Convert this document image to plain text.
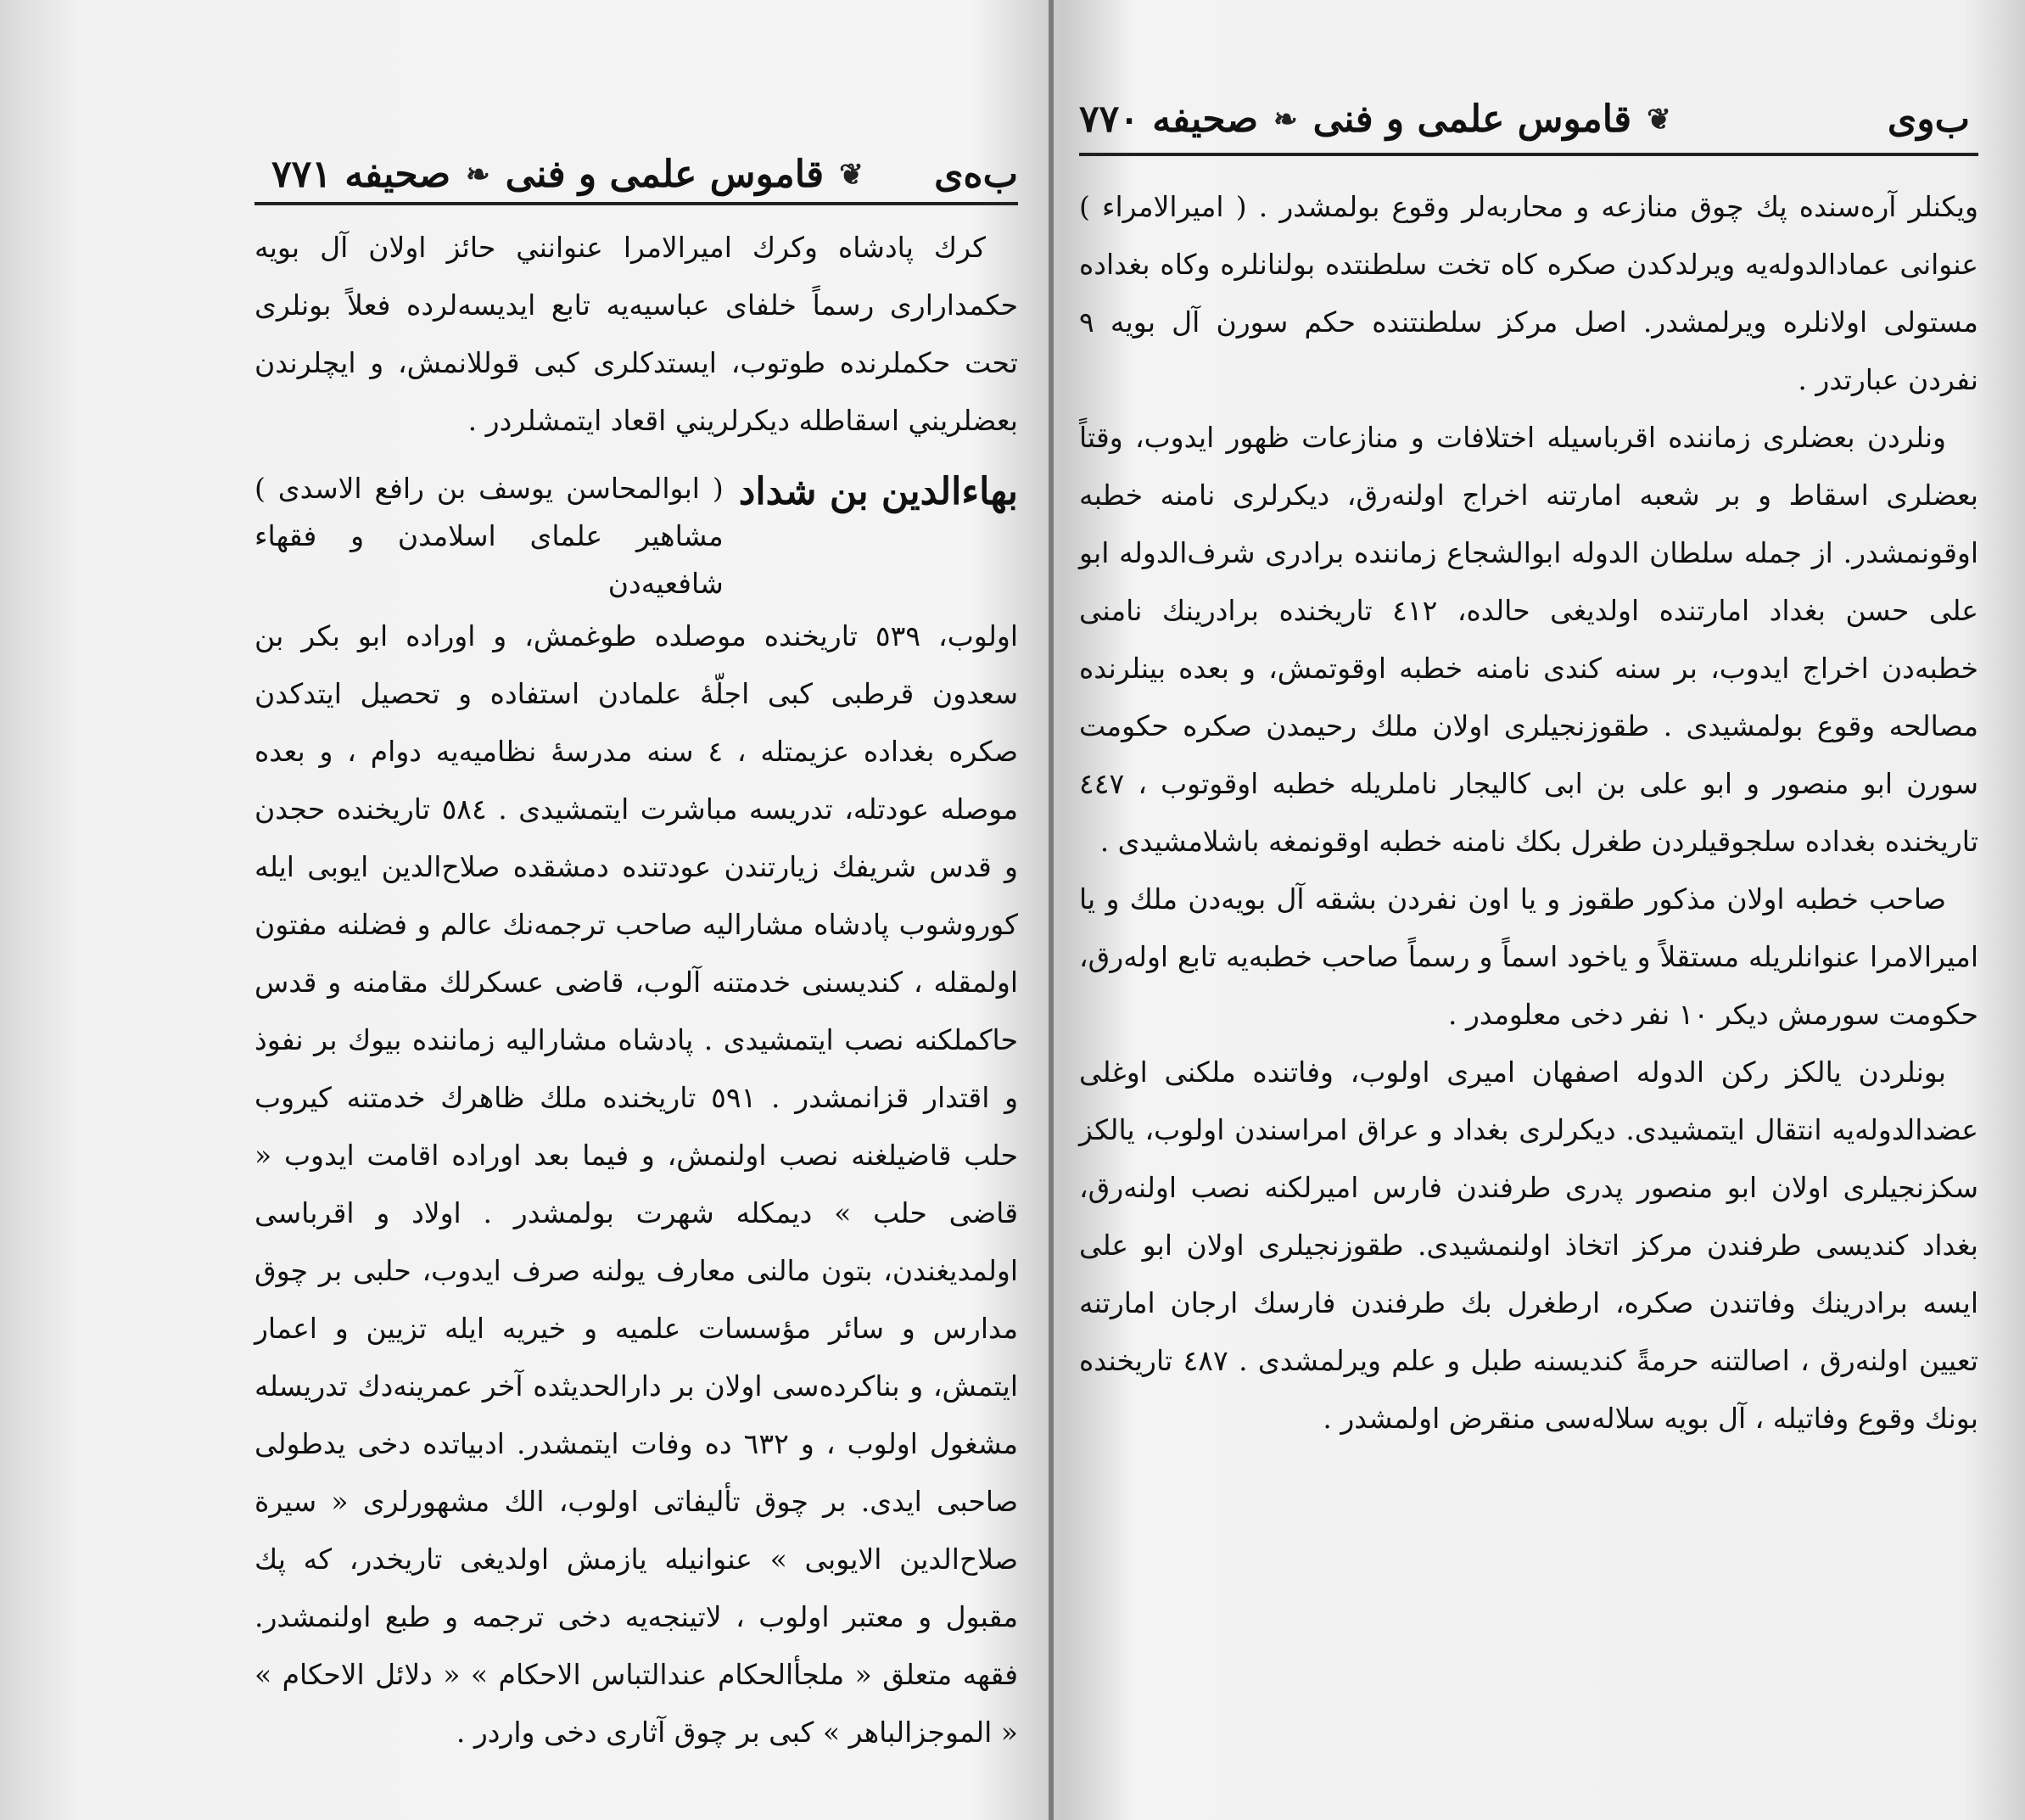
ب‌ه‌ى
❦
قاموس علمى و فنى
❧
صحيفه ٧٧١

كرك پادشاه وكرك اميرالامرا عنوانني حائز اولان آل بويه حكمدارارى رسماً خلفاى عباسيه‌يه تابع ايديسه‌لرده فعلاً بونلرى تحت حكملرنده طوتوب، ايستدكلرى كبى قوللانمش، و ايچلرندن بعضلريني اسقاطله ديكرلريني اقعاد ايتمشلردر .

بهاءالدين بن شداد
( ابوالمحاسن يوسف بن رافع الاسدى ) مشاهير علماى اسلامدن و فقهاء شافعيه‌دن

اولوب، ٥٣٩ تاريخنده موصلده طوغمش، و اوراده ابو بكر بن سعدون قرطبى كبى اجلّهٔ علمادن استفاده و تحصيل ايتدكدن صكره بغداده عزيمتله ، ٤ سنه مدرسهٔ نظاميه‌يه دوام ، و بعده موصله عودتله، تدريسه مباشرت ايتمشيدى . ٥٨٤ تاريخنده حجدن و قدس شريفك زيارتندن عودتنده دمشقده صلاح‌الدين ايوبى ايله كوروشوب پادشاه مشاراليه صاحب ترجمه‌نك عالم و فضلنه مفتون اولمقله ، كنديسنى خدمتنه آلوب، قاضى عسكرلك مقامنه و قدس حاكملكنه نصب ايتمشيدى . پادشاه مشاراليه زماننده بيوك بر نفوذ و اقتدار قزانمشدر . ٥٩١ تاريخنده ملك ظاهرك خدمتنه كيروب حلب قاضيلغنه نصب اولنمش، و فيما بعد اوراده اقامت ايدوب « قاضى حلب » ديمكله شهرت بولمشدر . اولاد و اقرباسى اولمديغندن، بتون مالنى معارف يولنه صرف ايدوب، حلبى بر چوق مدارس و سائر مؤسسات علميه و خيريه ايله تزيين و اعمار ايتمش، و بناكرده‌سى اولان بر دارالحديثده آخر عمرينه‌دك تدريسله مشغول اولوب ، و ٦٣٢ ده وفات ايتمشدر. ادبياتده دخى يدطولى صاحبى ايدى. بر چوق تأليفاتى اولوب، الك مشهورلرى « سيرة صلاح‌الدين الايوبى » عنوانيله يازمش اولديغى تاريخدر، كه پك مقبول و معتبر اولوب ، لاتينجه‌يه دخى ترجمه و طبع اولنمشدر. فقهه متعلق « ملجأالحكام عندالتباس الاحكام » « دلائل الاحكام » « الموجزالباهر » كبى بر چوق آثارى دخى واردر .

ب‌وى
❦
قاموس علمى و فنى
❧
صحيفه ٧٧٠

ويكنلر آره‌سنده پك چوق منازعه و محاربه‌لر وقوع بولمشدر . ( اميرالامراء ) عنوانى عمادالدوله‌يه ويرلدكدن صكره كاه تخت سلطنتده بولنانلره وكاه بغداده مستولى اولانلره ويرلمشدر. اصل مركز سلطنتنده حكم سورن آل بويه ٩ نفردن عبارتدر .

ونلردن بعضلرى زماننده اقرباسيله اختلافات و منازعات ظهور ايدوب، وقتاً بعضلرى اسقاط و بر شعبه امارتنه اخراج اولنه‌رق، ديكرلرى نامنه خطبه اوقونمشدر. از جمله سلطان الدوله ابوالشجاع زماننده برادرى شرف‌الدوله ابو على حسن بغداد امارتنده اولديغى حالده، ٤١٢ تاريخنده برادرينك نامنى خطبه‌دن اخراج ايدوب، بر سنه كندى نامنه خطبه اوقوتمش، و بعده بينلرنده مصالحه وقوع بولمشيدى . طقوزنجيلرى اولان ملك رحيمدن صكره حكومت سورن ابو منصور و ابو على بن ابى كاليجار ناملريله خطبه اوقوتوب ، ٤٤٧ تاريخنده بغداده سلجوقيلردن طغرل بكك نامنه خطبه اوقونمغه باشلامشيدى .

صاحب خطبه اولان مذكور طقوز و يا اون نفردن بشقه آل بويه‌دن ملك و يا اميرالامرا عنوانلريله مستقلاً و ياخود اسماً و رسماً صاحب خطبه‌يه تابع اوله‌رق، حكومت سورمش ديكر ١٠ نفر دخى معلومدر .

بونلردن يالكز ركن الدوله اصفهان اميرى اولوب، وفاتنده ملكنى اوغلى عضدالدوله‌يه انتقال ايتمشيدى. ديكرلرى بغداد و عراق امراسندن اولوب، يالكز سكزنجيلرى اولان ابو منصور پدرى طرفندن فارس اميرلكنه نصب اولنه‌رق، بغداد كنديسى طرفندن مركز اتخاذ اولنمشيدى. طقوزنجيلرى اولان ابو على ايسه برادرينك وفاتندن صكره، ارطغرل بك طرفندن فارسك ارجان امارتنه تعيين اولنه‌رق ، اصالتنه حرمةً كنديسنه طبل و علم ويرلمشدى . ٤٨٧ تاريخنده بونك وقوع وفاتيله ، آل بويه سلاله‌سى منقرض اولمشدر .
